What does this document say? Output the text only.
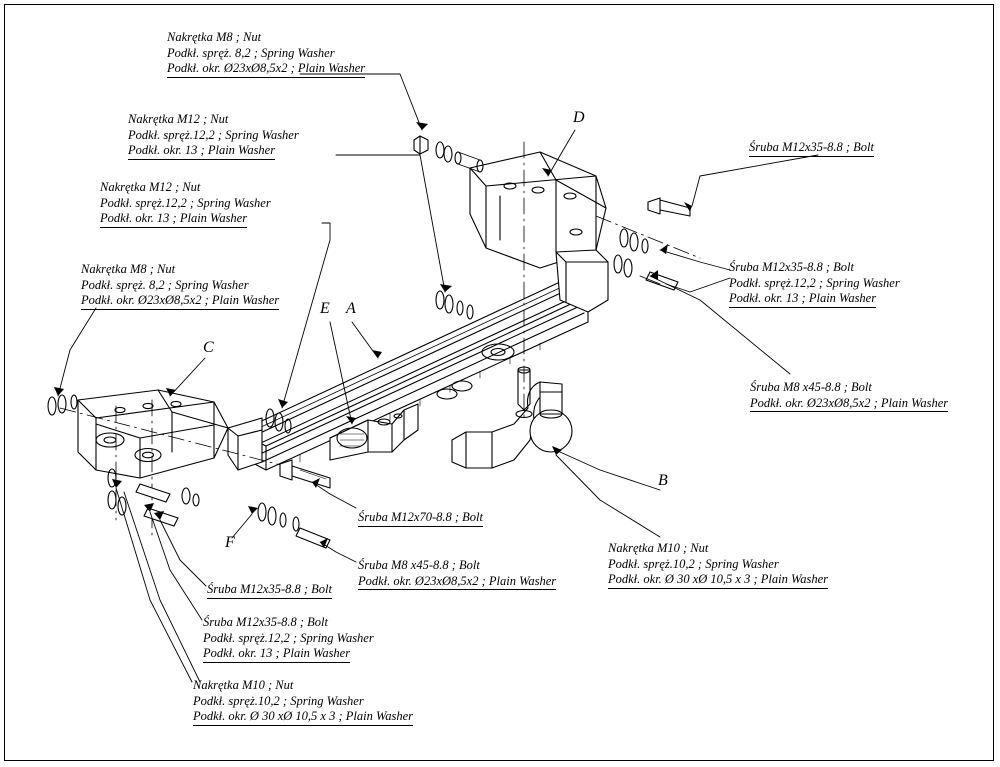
A
B
C
D
E
F
Nakrętka M8 ; Nut
Podkł. spręż. 8,2 ; Spring Washer
Podkł. okr. Ø23xØ8,5x2 ; Plain Washer
Nakrętka M12 ; Nut
Podkł. spręż.12,2 ; Spring Washer
Podkł. okr. 13 ; Plain Washer
Nakrętka M12 ; Nut
Podkł. spręż.12,2 ; Spring Washer
Podkł. okr. 13 ; Plain Washer
Nakrętka M8 ; Nut
Podkł. spręż. 8,2 ; Spring Washer
Podkł. okr. Ø23xØ8,5x2 ; Plain Washer
Śruba M12x35-8.8 ; Bolt
Śruba M12x35-8.8 ; Bolt
Podkł. spręż.12,2 ; Spring Washer
Podkł. okr. 13 ; Plain Washer
Śruba M8 x45-8.8 ; Bolt
Podkł. okr. Ø23xØ8,5x2 ; Plain Washer
Śruba M12x70-8.8 ; Bolt
Śruba M8 x45-8.8 ; Bolt
Podkł. okr. Ø23xØ8,5x2 ; Plain Washer
Nakrętka M10 ; Nut
Podkł. spręż.10,2 ; Spring Washer
Podkł. okr. Ø 30 xØ 10,5 x 3 ; Plain Washer
Śruba M12x35-8.8 ; Bolt
Śruba M12x35-8.8 ; Bolt
Podkł. spręż.12,2 ; Spring Washer
Podkł. okr. 13 ; Plain Washer
Nakrętka M10 ; Nut
Podkł. spręż.10,2 ; Spring Washer
Podkł. okr. Ø 30 xØ 10,5 x 3 ; Plain Washer
